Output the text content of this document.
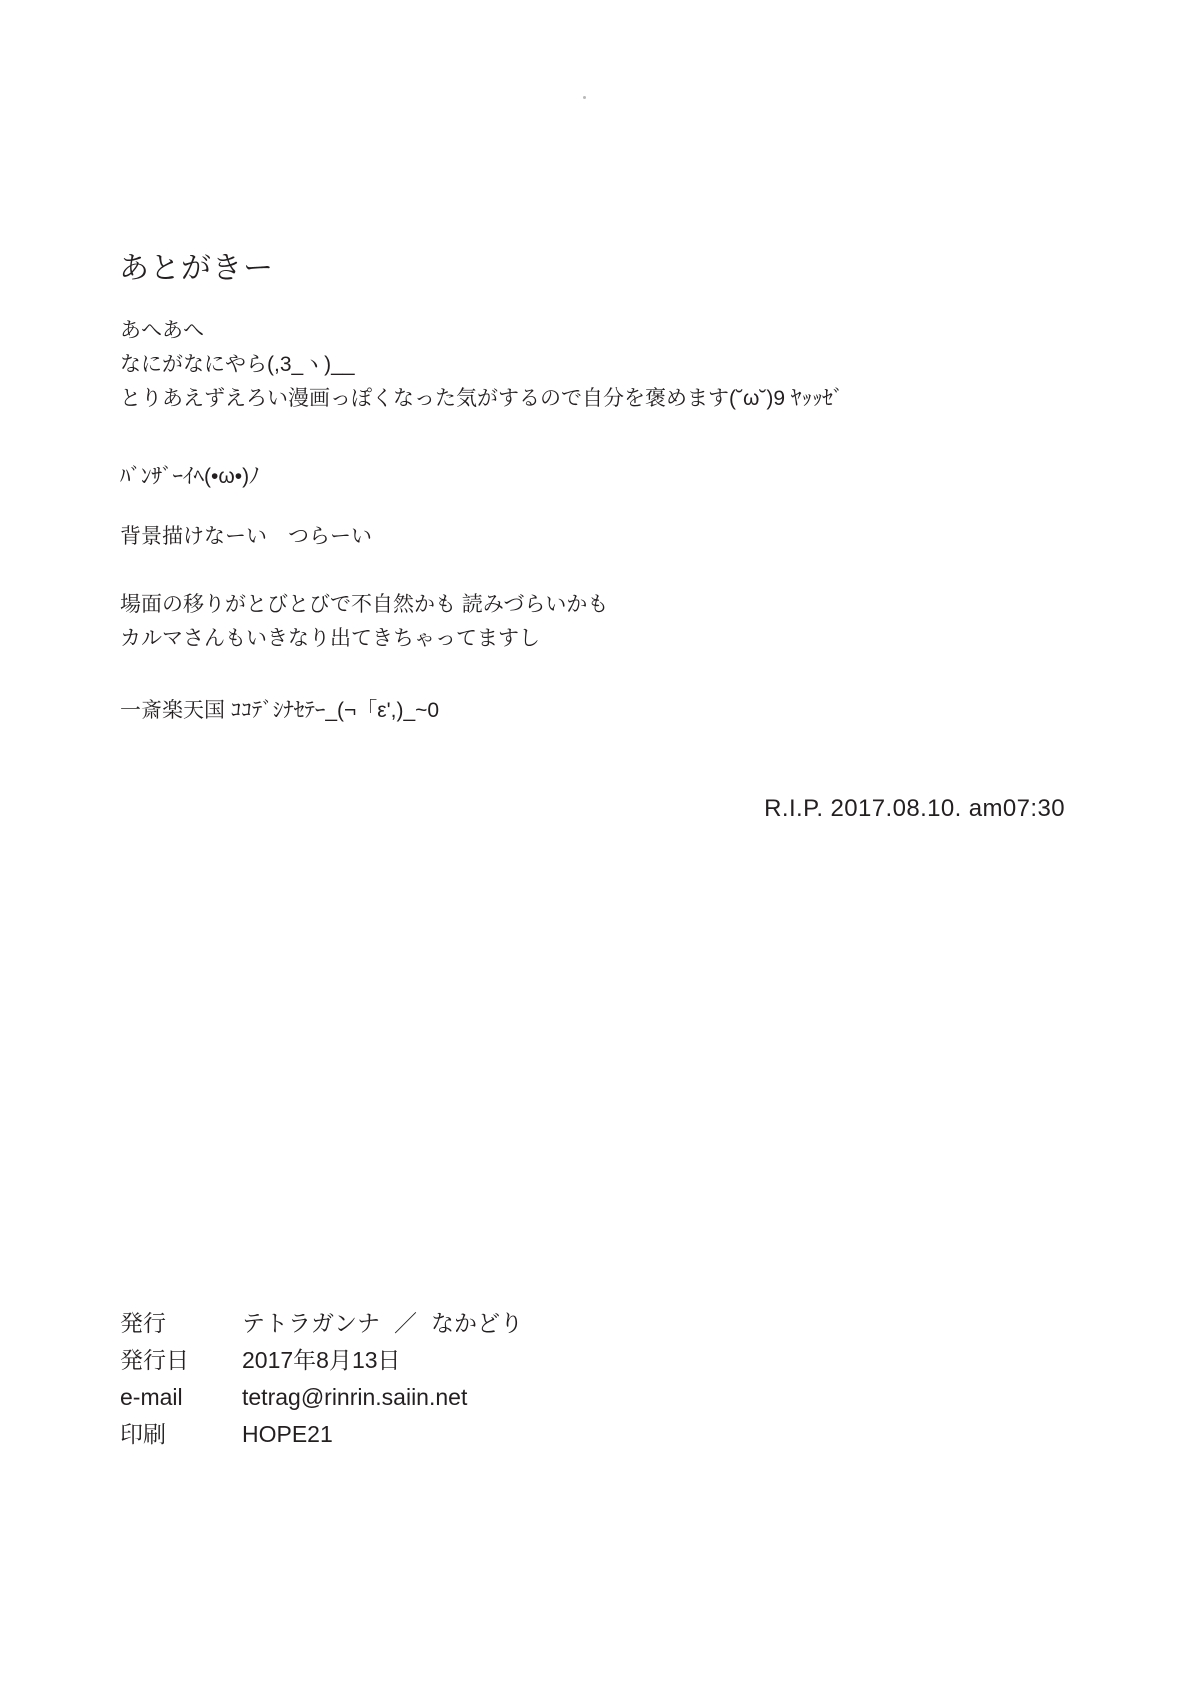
あとがきー
あへあへ
なにがなにやら(,3_ヽ)__
とりあえずえろい漫画っぽくなった気がするので自分を褒めます(˘ω˘)9 ﾔｯｯｾﾞ
ﾊﾞﾝｻﾞｰｲﾍ(•ω•)ﾉ
背景描けなーい　つらーい
場面の移りがとびとびで不自然かも 読みづらいかも
カルマさんもいきなり出てきちゃってますし
一斎楽天国 ｺｺﾃﾞｼﾅｾﾃｰ_(¬「ε',)_~0
R.I.P. 2017.08.10. am07:30
発行	テトラガンナ ／ なかどり
発行日	2017年8月13日
e-mail	tetrag@rinrin.saiin.net
印刷	HOPE21
